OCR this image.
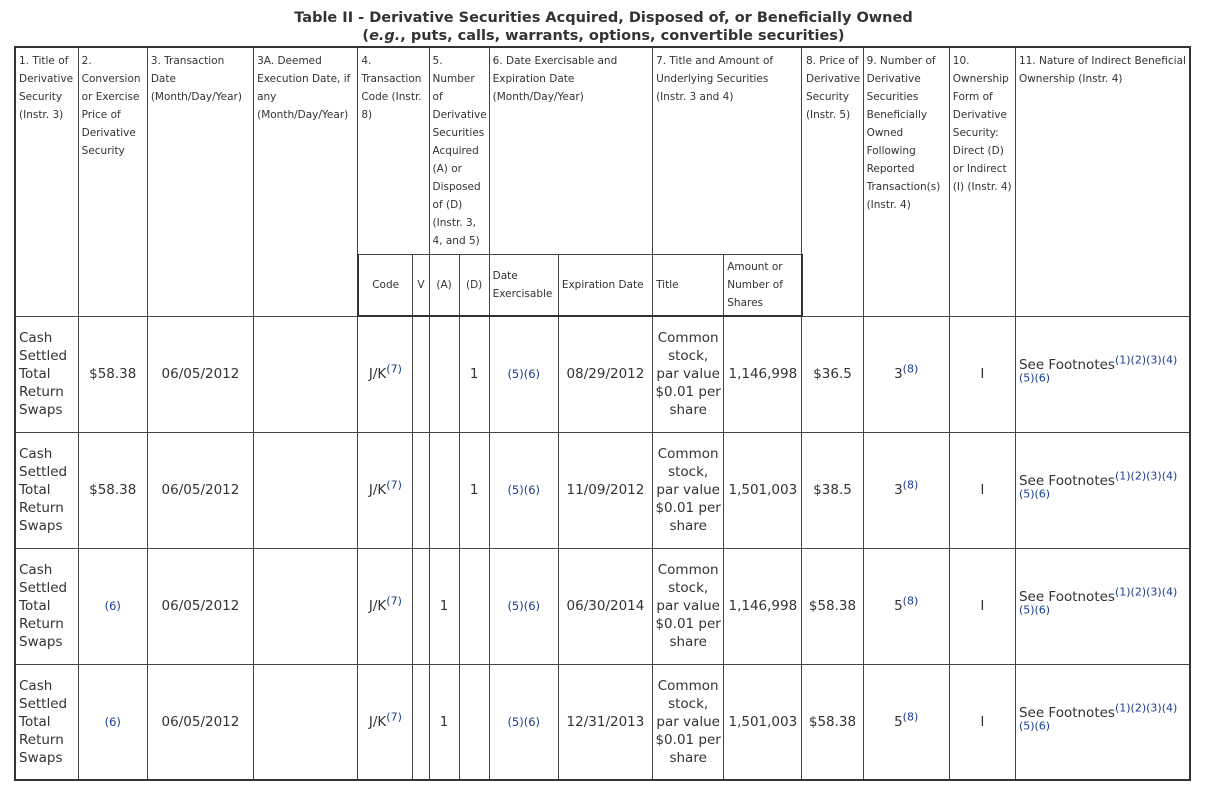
Table II - Derivative Securities Acquired, Disposed of, or Beneficially Owned
(e.g., puts, calls, warrants, options, convertible securities)
1. Title of Derivative Security (Instr. 3)	2. Conversion or Exercise Price of Derivative Security	3. Transaction Date (Month/Day/Year)	3A. Deemed Execution Date, if any (Month/Day/Year)	4. Transaction Code (Instr. 8)		5. Number of Derivative Securities Acquired (A) or Disposed of (D) (Instr. 3, 4, and 5)		6. Date Exercisable and Expiration Date (Month/Day/Year)		7. Title and Amount of Underlying Securities (Instr. 3 and 4)		8. Price of Derivative Security (Instr. 5)	9. Number of Derivative Securities Beneficially Owned Following Reported Transaction(s) (Instr. 4)	10. Ownership Form of Derivative Security: Direct (D) or Indirect (I) (Instr. 4)	11. Nature of Indirect Beneficial Ownership (Instr. 4)
				Code	V	(A)	(D)	Date Exercisable	Expiration Date	Title	Amount or Number of Shares				
Cash Settled Total Return Swaps	$58.38	06/05/2012		J/K$^{(7)}$			1	(5)(6)	08/29/2012	Common stock, par value $0.01 per share	1,146,998	$36.5	3$^{(8)}$	I	See Footnotes$^{(1)(2)(3)(4)(5)(6)}$
Cash Settled Total Return Swaps	$58.38	06/05/2012		J/K$^{(7)}$			1	(5)(6)	11/09/2012	Common stock, par value $0.01 per share	1,501,003	$38.5	3$^{(8)}$	I	See Footnotes$^{(1)(2)(3)(4)(5)(6)}$
Cash Settled Total Return Swaps	(6)	06/05/2012		J/K$^{(7)}$		1		(5)(6)	06/30/2014	Common stock, par value $0.01 per share	1,146,998	$58.38	5$^{(8)}$	I	See Footnotes$^{(1)(2)(3)(4)(5)(6)}$
Cash Settled Total Return Swaps	(6)	06/05/2012		J/K$^{(7)}$		1		(5)(6)	12/31/2013	Common stock, par value $0.01 per share	1,501,003	$58.38	5$^{(8)}$	I	See Footnotes$^{(1)(2)(3)(4)(5)(6)}$
